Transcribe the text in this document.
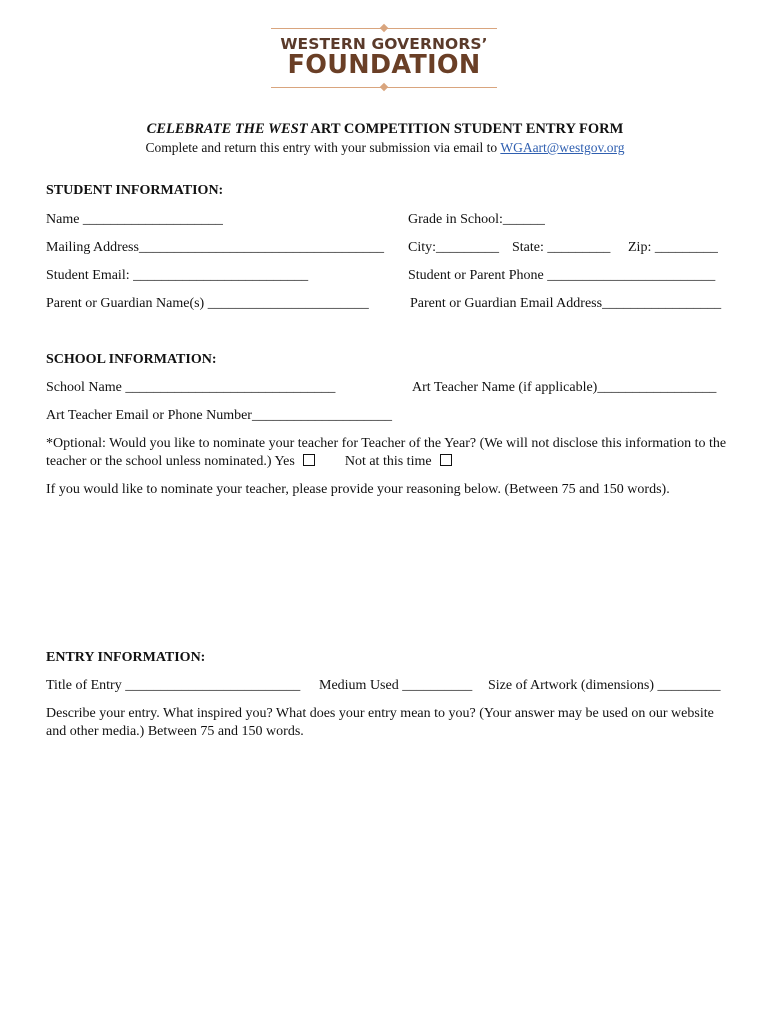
WESTERN GOVERNORS’
FOUNDATION
CELEBRATE THE WEST ART COMPETITION STUDENT ENTRY FORM
Complete and return this entry with your submission via email to WGAart@westgov.org
STUDENT INFORMATION:
Name ____________________	Grade in School:______
Mailing Address___________________________________ City:_________ State: _________ Zip: _________
Student Email: _________________________	Student or Parent Phone ________________________
Parent or Guardian Name(s) _______________________	Parent or Guardian Email Address_________________
SCHOOL INFORMATION:
School Name ______________________________	Art Teacher Name (if applicable)_________________
Art Teacher Email or Phone Number____________________
*Optional: Would you like to nominate your teacher for Teacher of the Year? (We will not disclose this information to the
teacher or the school unless nominated.) Yes	Not at this time
If you would like to nominate your teacher, please provide your reasoning below. (Between 75 and 150 words).
ENTRY INFORMATION:
Title of Entry _________________________ Medium Used __________ Size of Artwork (dimensions) _________
Describe your entry. What inspired you? What does your entry mean to you? (Your answer may be used on our website
and other media.) Between 75 and 150 words.
